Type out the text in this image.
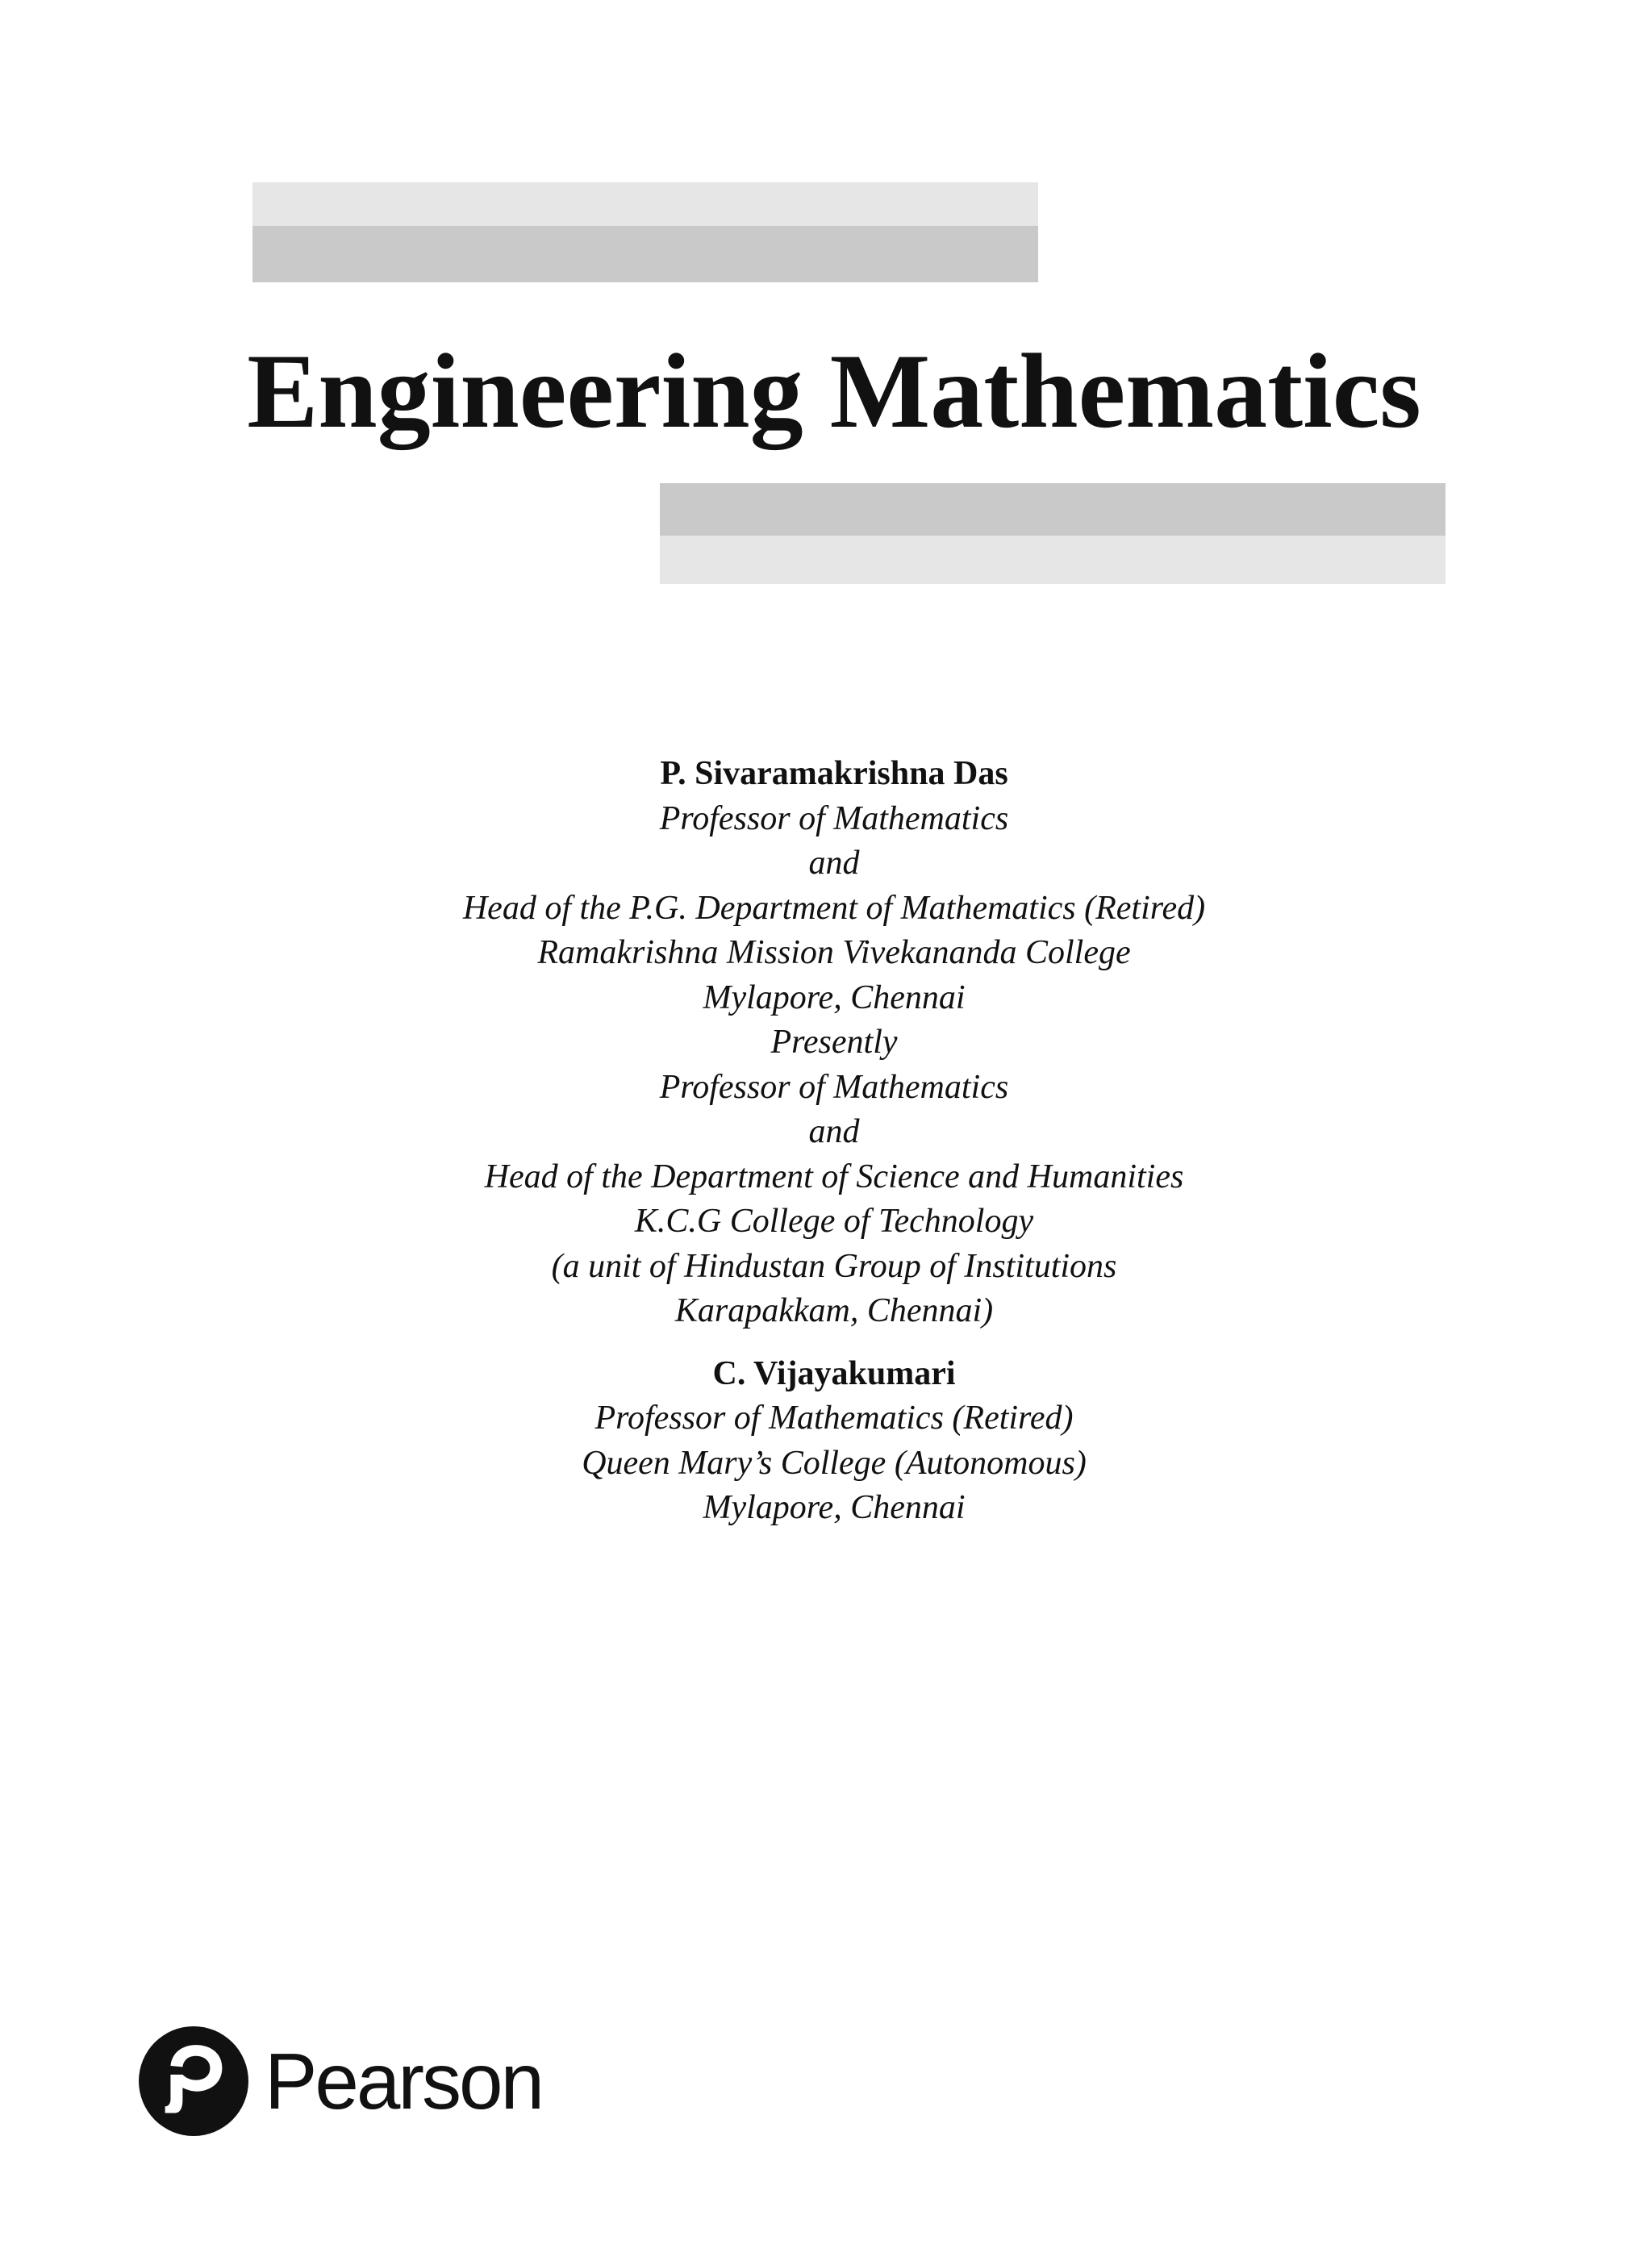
Engineering Mathematics
P. Sivaramakrishna Das
Professor of Mathematics
and
Head of the P.G. Department of Mathematics (Retired)
Ramakrishna Mission Vivekananda College
Mylapore, Chennai
Presently
Professor of Mathematics
and
Head of the Department of Science and Humanities
K.C.G College of Technology
(a unit of Hindustan Group of Institutions
Karapakkam, Chennai)
C. Vijayakumari
Professor of Mathematics (Retired)
Queen Mary’s College (Autonomous)
Mylapore, Chennai
Pearson
